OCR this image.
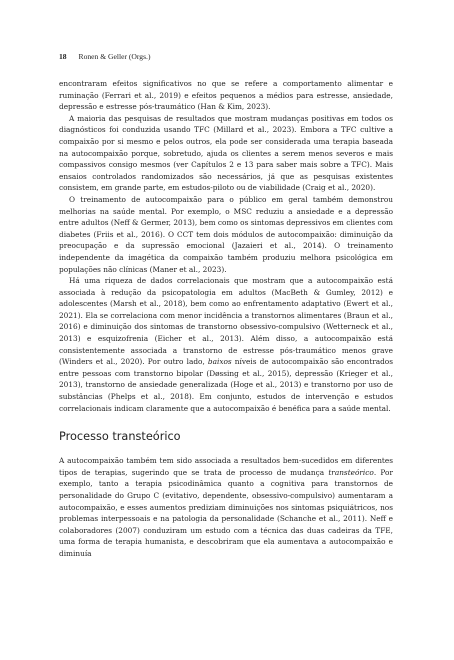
18 Ronen & Geller (Orgs.)

encontraram efeitos significativos no que se refere a comportamento alimentar e ruminação (Ferrari et al., 2019) e efeitos pequenos a médios para estresse, ansiedade, depressão e estresse pós-traumático (Han & Kim, 2023).

A maioria das pesquisas de resultados que mostram mudanças positivas em todos os diagnósticos foi conduzida usando TFC (Millard et al., 2023). Embora a TFC cultive a compaixão por si mesmo e pelos outros, ela pode ser considerada uma terapia baseada na autocompaixão porque, sobretudo, ajuda os clientes a serem menos severos e mais compassivos consigo mesmos (ver Capítulos 2 e 13 para saber mais sobre a TFC). Mais ensaios controlados randomizados são necessários, já que as pesquisas existentes consistem, em grande parte, em estudos-piloto ou de viabilidade (Craig et al., 2020).

O treinamento de autocompaixão para o público em geral também demonstrou melhorias na saúde mental. Por exemplo, o MSC reduziu a ansiedade e a depressão entre adultos (Neff & Germer, 2013), bem como os sintomas depressivos em clientes com diabetes (Friis et al., 2016). O CCT tem dois módulos de autocompaixão: diminuição da preocupação e da supressão emocional (Jazaieri et al., 2014). O treinamento independente da imagética da compaixão também produziu melhora psicológica em populações não clínicas (Maner et al., 2023).

Há uma riqueza de dados correlacionais que mostram que a autocompaixão está associada à redução da psicopatologia em adultos (MacBeth & Gumley, 2012) e adolescentes (Marsh et al., 2018), bem como ao enfrentamento adaptativo (Ewert et al., 2021). Ela se correlaciona com menor incidência a transtornos alimentares (Braun et al., 2016) e diminuição dos sintomas de transtorno obsessivo-compulsivo (Wetterneck et al., 2013) e esquizofrenia (Eicher et al., 2013). Além disso, a autocompaixão está consistentemente associada a transtorno de estresse pós-traumático menos grave (Winders et al., 2020). Por outro lado, baixos níveis de autocompaixão são encontrados entre pessoas com transtorno bipolar (Døssing et al., 2015), depressão (Krieger et al., 2013), transtorno de ansiedade generalizada (Hoge et al., 2013) e transtorno por uso de substâncias (Phelps et al., 2018). Em conjunto, estudos de intervenção e estudos correlacionais indicam claramente que a autocompaixão é benéfica para a saúde mental.

Processo transteórico

A autocompaixão também tem sido associada a resultados bem-sucedidos em diferentes tipos de terapias, sugerindo que se trata de processo de mudança transteórico. Por exemplo, tanto a terapia psicodinâmica quanto a cognitiva para transtornos de personalidade do Grupo C (evitativo, dependente, obsessivo-compulsivo) aumentaram a autocompaixão, e esses aumentos prediziam diminuições nos sintomas psiquiátricos, nos problemas interpessoais e na patologia da personalidade (Schanche et al., 2011). Neff e colaboradores (2007) conduziram um estudo com a técnica das duas cadeiras da TFE, uma forma de terapia humanista, e descobriram que ela aumentava a autocompaixão e diminuía
